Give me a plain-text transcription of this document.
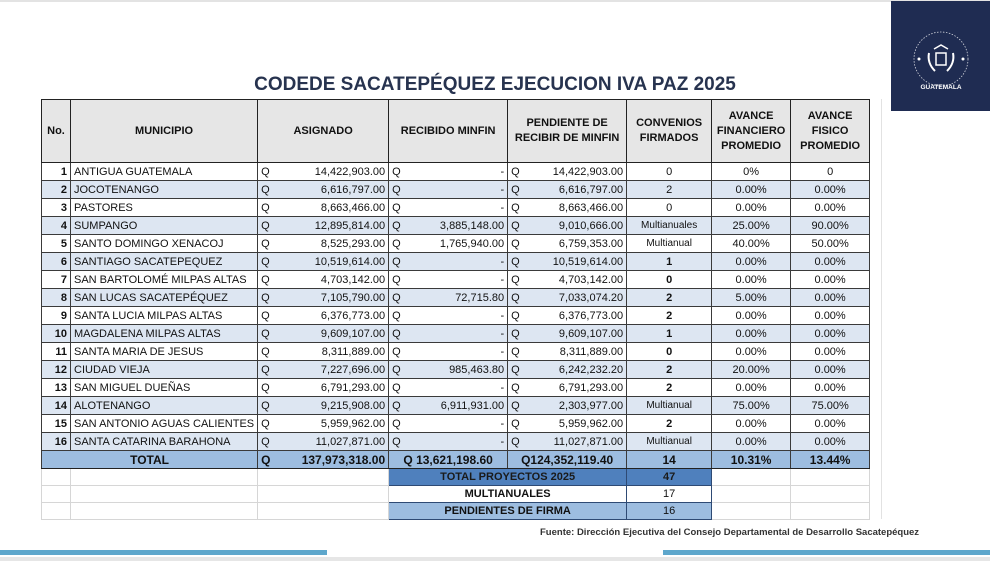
GUATEMALA
CODEDE SACATEPÉQUEZ EJECUCION IVA PAZ 2025
No.	MUNICIPIO	ASIGNADO		RECIBIDO MINFIN		PENDIENTE DE RECIBIR DE MINFIN		CONVENIOS FIRMADOS	AVANCE FINANCIERO PROMEDIO	AVANCE FISICO PROMEDIO
1	ANTIGUA GUATEMALA	Q	14,422,903.00	Q	-	Q	14,422,903.00	0	0%	0
2	JOCOTENANGO	Q	6,616,797.00	Q	-	Q	6,616,797.00	2	0.00%	0.00%
3	PASTORES	Q	8,663,466.00	Q	-	Q	8,663,466.00	0	0.00%	0.00%
4	SUMPANGO	Q	12,895,814.00	Q	3,885,148.00	Q	9,010,666.00	Multianuales	25.00%	90.00%
5	SANTO DOMINGO XENACOJ	Q	8,525,293.00	Q	1,765,940.00	Q	6,759,353.00	Multianual	40.00%	50.00%
6	SANTIAGO SACATEPEQUEZ	Q	10,519,614.00	Q	-	Q	10,519,614.00	1	0.00%	0.00%
7	SAN BARTOLOMÉ MILPAS ALTAS	Q	4,703,142.00	Q	-	Q	4,703,142.00	0	0.00%	0.00%
8	SAN LUCAS SACATEPÉQUEZ	Q	7,105,790.00	Q	72,715.80	Q	7,033,074.20	2	5.00%	0.00%
9	SANTA LUCIA MILPAS ALTAS	Q	6,376,773.00	Q	-	Q	6,376,773.00	2	0.00%	0.00%
10	MAGDALENA MILPAS ALTAS	Q	9,609,107.00	Q	-	Q	9,609,107.00	1	0.00%	0.00%
11	SANTA MARIA DE JESUS	Q	8,311,889.00	Q	-	Q	8,311,889.00	0	0.00%	0.00%
12	CIUDAD VIEJA	Q	7,227,696.00	Q	985,463.80	Q	6,242,232.20	2	20.00%	0.00%
13	SAN MIGUEL DUEÑAS	Q	6,791,293.00	Q	-	Q	6,791,293.00	2	0.00%	0.00%
14	ALOTENANGO	Q	9,215,908.00	Q	6,911,931.00	Q	2,303,977.00	Multianual	75.00%	75.00%
15	SAN ANTONIO AGUAS CALIENTES	Q	5,959,962.00	Q	-	Q	5,959,962.00	2	0.00%	0.00%
16	SANTA CATARINA BARAHONA	Q	11,027,871.00	Q	-	Q	11,027,871.00	Multianual	0.00%	0.00%
TOTAL		Q	137,973,318.00	Q 13,621,198.60		Q124,352,119.40		14	10.31%	13.44%
				TOTAL PROYECTOS 2025				47		
				MULTIANUALES				17		
				PENDIENTES DE FIRMA				16		
Fuente: Dirección Ejecutiva del Consejo Departamental de Desarrollo Sacatepéquez
